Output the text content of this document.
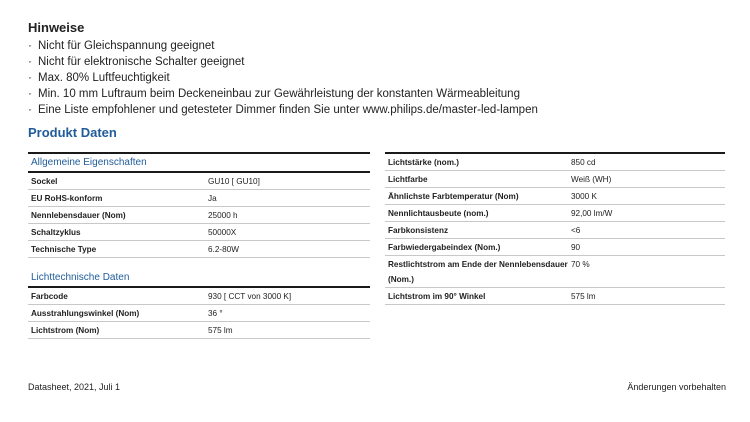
Hinweise
· Nicht für Gleichspannung geeignet
· Nicht für elektronische Schalter geeignet
· Max. 80% Luftfeuchtigkeit
· Min. 10 mm Luftraum beim Deckeneinbau zur Gewährleistung der konstanten Wärmeableitung
· Eine Liste empfohlener und getesteter Dimmer finden Sie unter www.philips.de/master-led-lampen
Produkt Daten
Allgemeine Eigenschaften	
Sockel	GU10 [ GU10]
EU RoHS-konform	Ja
Nennlebensdauer (Nom)	25000 h
Schaltzyklus	50000X
Technische Type	6.2-80W

Lichttechnische Daten	
Farbcode	930 [ CCT von 3000 K]
Ausstrahlungswinkel (Nom)	36 °
Lichtstrom (Nom)	575 lm
Lichtstärke (nom.)	850 cd
Lichtfarbe	Weiß (WH)
Ähnlichste Farbtemperatur (Nom)	3000 K
Nennlichtausbeute (nom.)	92,00 lm/W
Farbkonsistenz	<6
Farbwiedergabeindex (Nom.)	90
Restlichtstrom am Ende der Nennlebensdauer (Nom.)	70 %
Lichtstrom im 90° Winkel	575 lm
Datasheet, 2021, Juli 1	Änderungen vorbehalten
